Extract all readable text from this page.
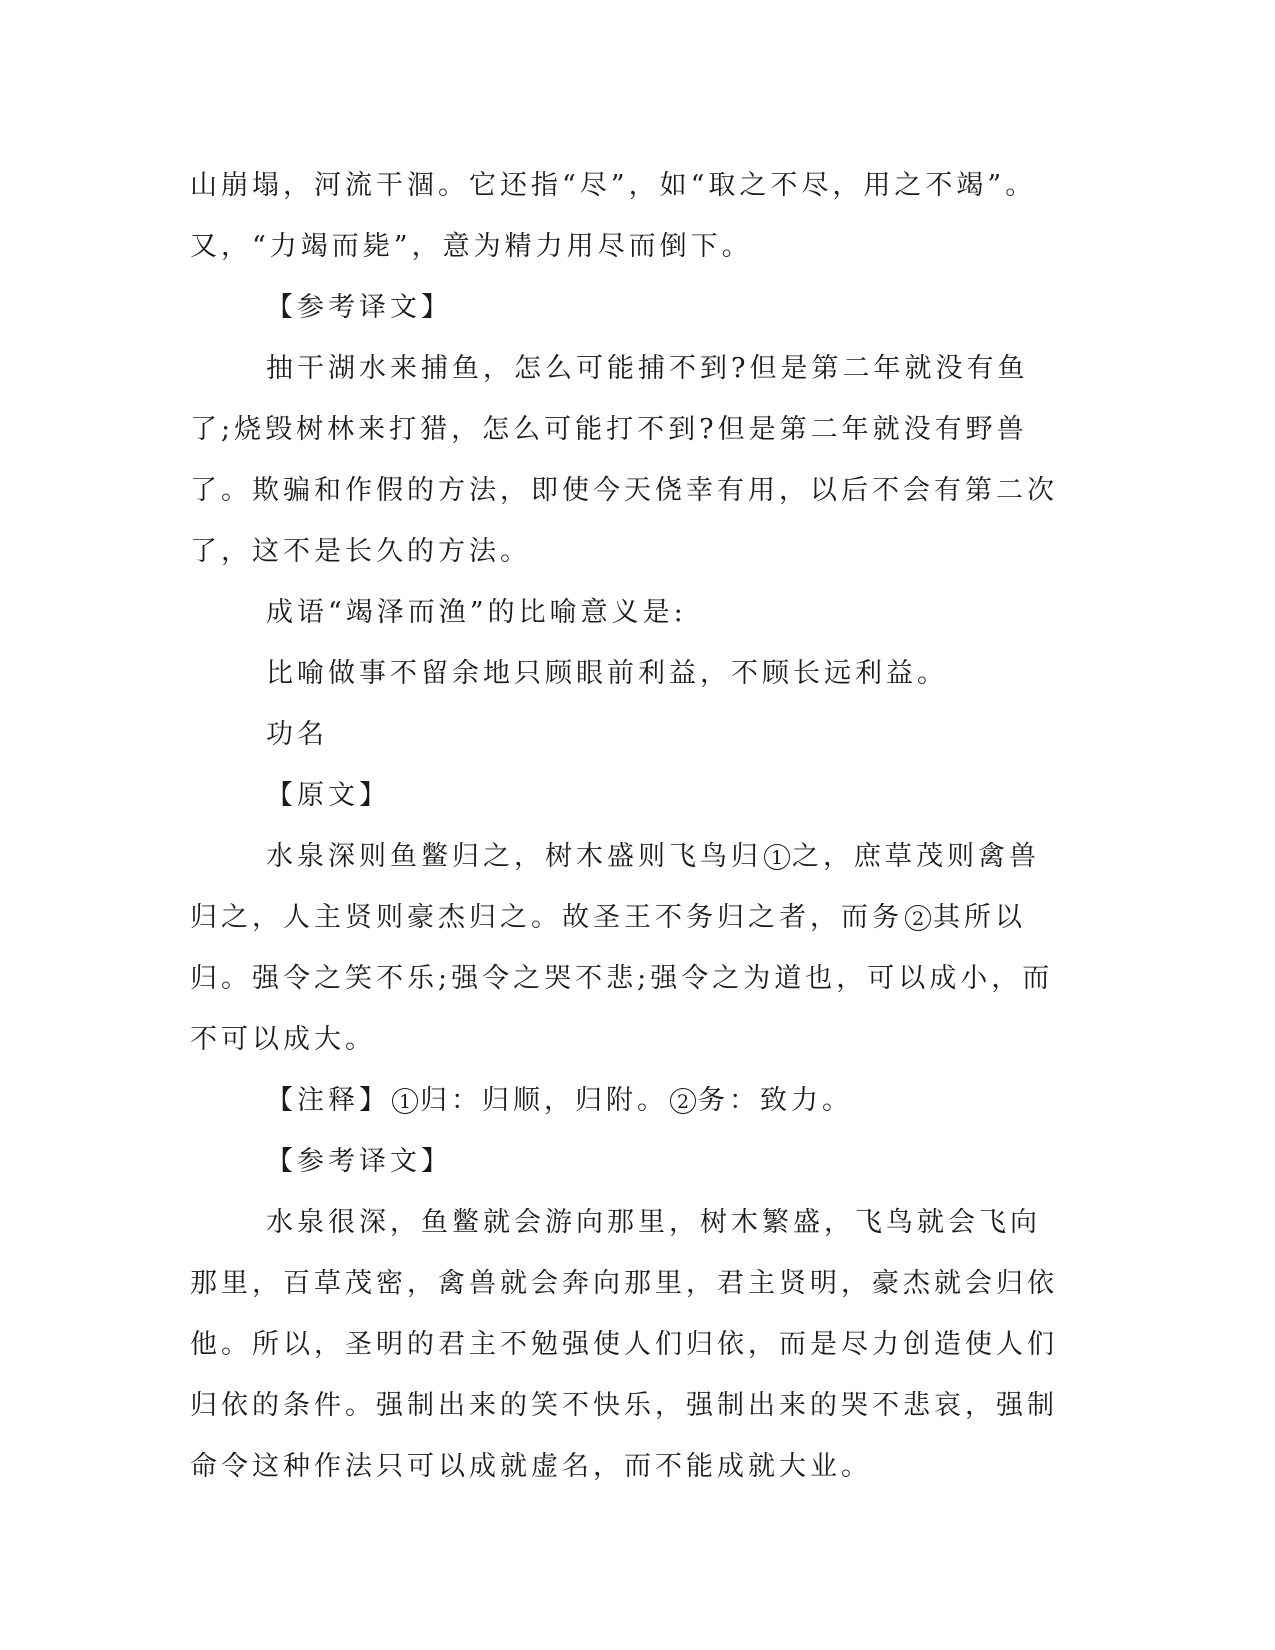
山崩塌，河流干涸。它还指“尽”，如“取之不尽，用之不竭”。又，“力竭而毙”，意为精力用尽而倒下。

【参考译文】

抽干湖水来捕鱼，怎么可能捕不到?但是第二年就没有鱼了;烧毁树林来打猎，怎么可能打不到?但是第二年就没有野兽了。欺骗和作假的方法，即使今天侥幸有用，以后不会有第二次了，这不是长久的方法。

成语“竭泽而渔”的比喻意义是:

比喻做事不留余地只顾眼前利益，不顾长远利益。

功名

【原文】

水泉深则鱼鳖归之，树木盛则飞鸟归 1 之，庶草茂则禽兽归之，人主贤则豪杰归之。故圣王不务归之者，而务 2 其所以归。强令之笑不乐;强令之哭不悲;强令之为道也，可以成小，而不可以成大。

【注释】 1 归：归顺，归附。 2 务：致力。

【参考译文】

水泉很深，鱼鳖就会游向那里，树木繁盛，飞鸟就会飞向那里，百草茂密，禽兽就会奔向那里，君主贤明，豪杰就会归依他。所以，圣明的君主不勉强使人们归依，而是尽力创造使人们归依的条件。强制出来的笑不快乐，强制出来的哭不悲哀，强制命令这种作法只可以成就虚名，而不能成就大业。
